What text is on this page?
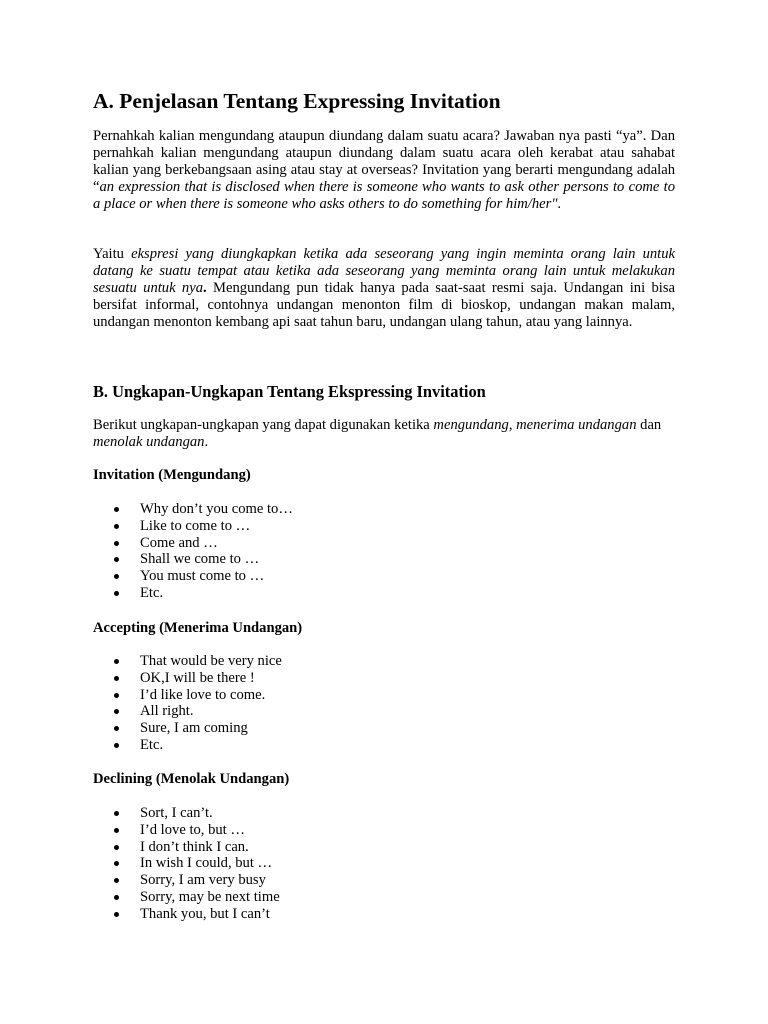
A. Penjelasan Tentang Expressing Invitation

Pernahkah kalian mengundang ataupun diundang dalam suatu acara? Jawaban nya pasti “ya”. Dan pernahkah kalian mengundang ataupun diundang dalam suatu acara oleh kerabat atau sahabat kalian yang berkebangsaan asing atau stay at overseas? Invitation yang berarti mengundang adalah “an expression that is disclosed when there is someone who wants to ask other persons to come to a place or when there is someone who asks others to do something for him/her″.

Yaitu ekspresi yang diungkapkan ketika ada seseorang yang ingin meminta orang lain untuk datang ke suatu tempat atau ketika ada seseorang yang meminta orang lain untuk melakukan sesuatu untuk nya. Mengundang pun tidak hanya pada saat-saat resmi saja. Undangan ini bisa bersifat informal, contohnya undangan menonton film di bioskop, undangan makan malam, undangan menonton kembang api saat tahun baru, undangan ulang tahun, atau yang lainnya.

B. Ungkapan-Ungkapan Tentang Ekspressing Invitation

Berikut ungkapan-ungkapan yang dapat digunakan ketika mengundang, menerima undangan dan menolak undangan.

Invitation (Mengundang)
Why don’t you come to…
Like to come to …
Come and …
Shall we come to …
You must come to …
Etc.
Accepting (Menerima Undangan)
That would be very nice
OK,I will be there !
I’d like love to come.
All right.
Sure, I am coming
Etc.
Declining (Menolak Undangan)
Sort, I can’t.
I’d love to, but …
I don’t think I can.
In wish I could, but …
Sorry, I am very busy
Sorry, may be next time
Thank you, but I can’t
